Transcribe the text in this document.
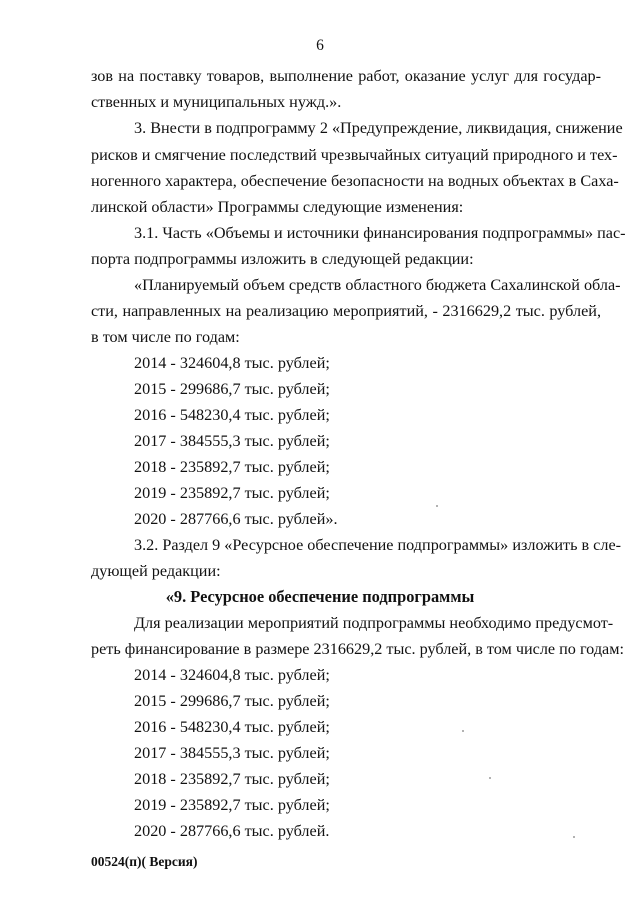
6
зов на поставку товаров, выполнение работ, оказание услуг для государ-
ственных и муниципальных нужд.».
3. Внести в подпрограмму 2 «Предупреждение, ликвидация, снижение
рисков и смягчение последствий чрезвычайных ситуаций природного и тех-
ногенного характера, обеспечение безопасности на водных объектах в Саха-
линской области» Программы следующие изменения:
3.1. Часть «Объемы и источники финансирования подпрограммы» пас-
порта подпрограммы изложить в следующей редакции:
«Планируемый объем средств областного бюджета Сахалинской обла-
сти, направленных на реализацию мероприятий, - 2316629,2 тыс. рублей,
в том числе по годам:
2014 - 324604,8 тыс. рублей;
2015 - 299686,7 тыс. рублей;
2016 - 548230,4 тыс. рублей;
2017 - 384555,3 тыс. рублей;
2018 - 235892,7 тыс. рублей;
2019 - 235892,7 тыс. рублей;
2020 - 287766,6 тыс. рублей».
3.2. Раздел 9 «Ресурсное обеспечение подпрограммы» изложить в сле-
дующей редакции:
«9. Ресурсное обеспечение подпрограммы
Для реализации мероприятий подпрограммы необходимо предусмот-
реть финансирование в размере 2316629,2 тыс. рублей, в том числе по годам:
2014 - 324604,8 тыс. рублей;
2015 - 299686,7 тыс. рублей;
2016 - 548230,4 тыс. рублей;
2017 - 384555,3 тыс. рублей;
2018 - 235892,7 тыс. рублей;
2019 - 235892,7 тыс. рублей;
2020 - 287766,6 тыс. рублей.
00524(п)( Версия)
